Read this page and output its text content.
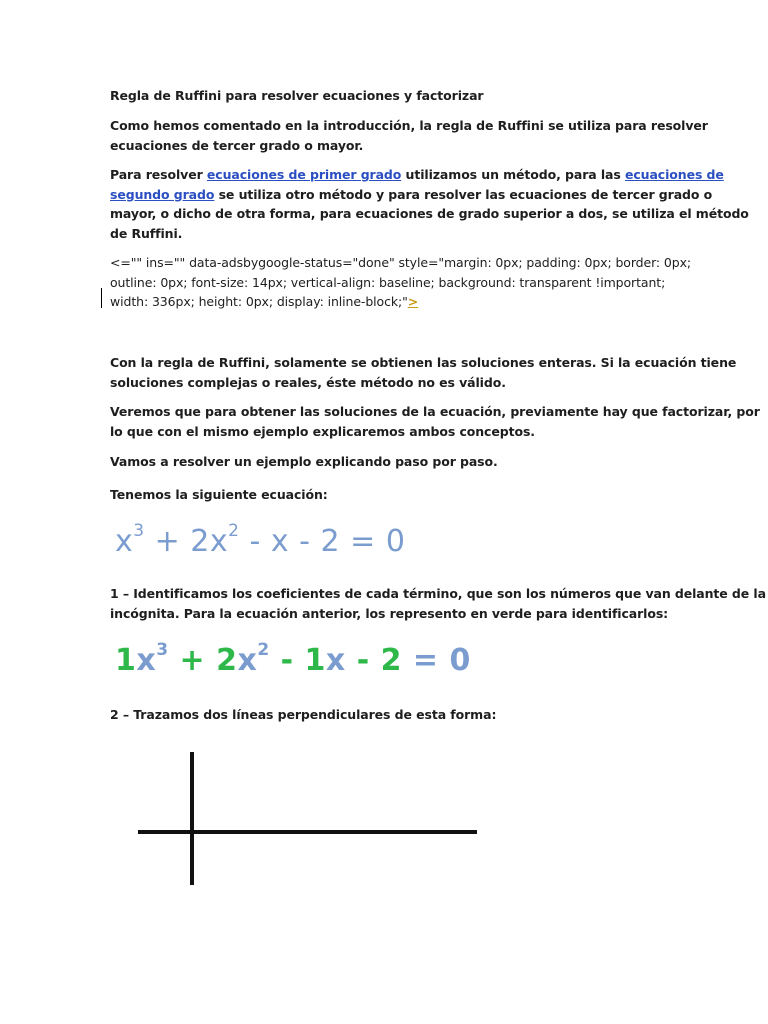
Regla de Ruffini para resolver ecuaciones y factorizar
Como hemos comentado en la introducción, la regla de Ruffini se utiliza para resolver
ecuaciones de tercer grado o mayor.
Para resolver ecuaciones de primer grado utilizamos un método, para las ecuaciones de
segundo grado se utiliza otro método y para resolver las ecuaciones de tercer grado o
mayor, o dicho de otra forma, para ecuaciones de grado superior a dos, se utiliza el método
de Ruffini.
<="" ins="" data-adsbygoogle-status="done" style="margin: 0px; padding: 0px; border: 0px;
outline: 0px; font-size: 14px; vertical-align: baseline; background: transparent !important;
width: 336px; height: 0px; display: inline-block;">
Con la regla de Ruffini, solamente se obtienen las soluciones enteras. Si la ecuación tiene
soluciones complejas o reales, éste método no es válido.
Veremos que para obtener las soluciones de la ecuación, previamente hay que factorizar, por
lo que con el mismo ejemplo explicaremos ambos conceptos.
Vamos a resolver un ejemplo explicando paso por paso.
Tenemos la siguiente ecuación:
$x^3 + 2x^2 - x - 2 = 0$
1 – Identificamos los coeficientes de cada término, que son los números que van delante de la
incógnita. Para la ecuación anterior, los represento en verde para identificarlos:
$1x^3 + 2x^2 - 1x - 2 = 0$
2 – Trazamos dos líneas perpendiculares de esta forma:
